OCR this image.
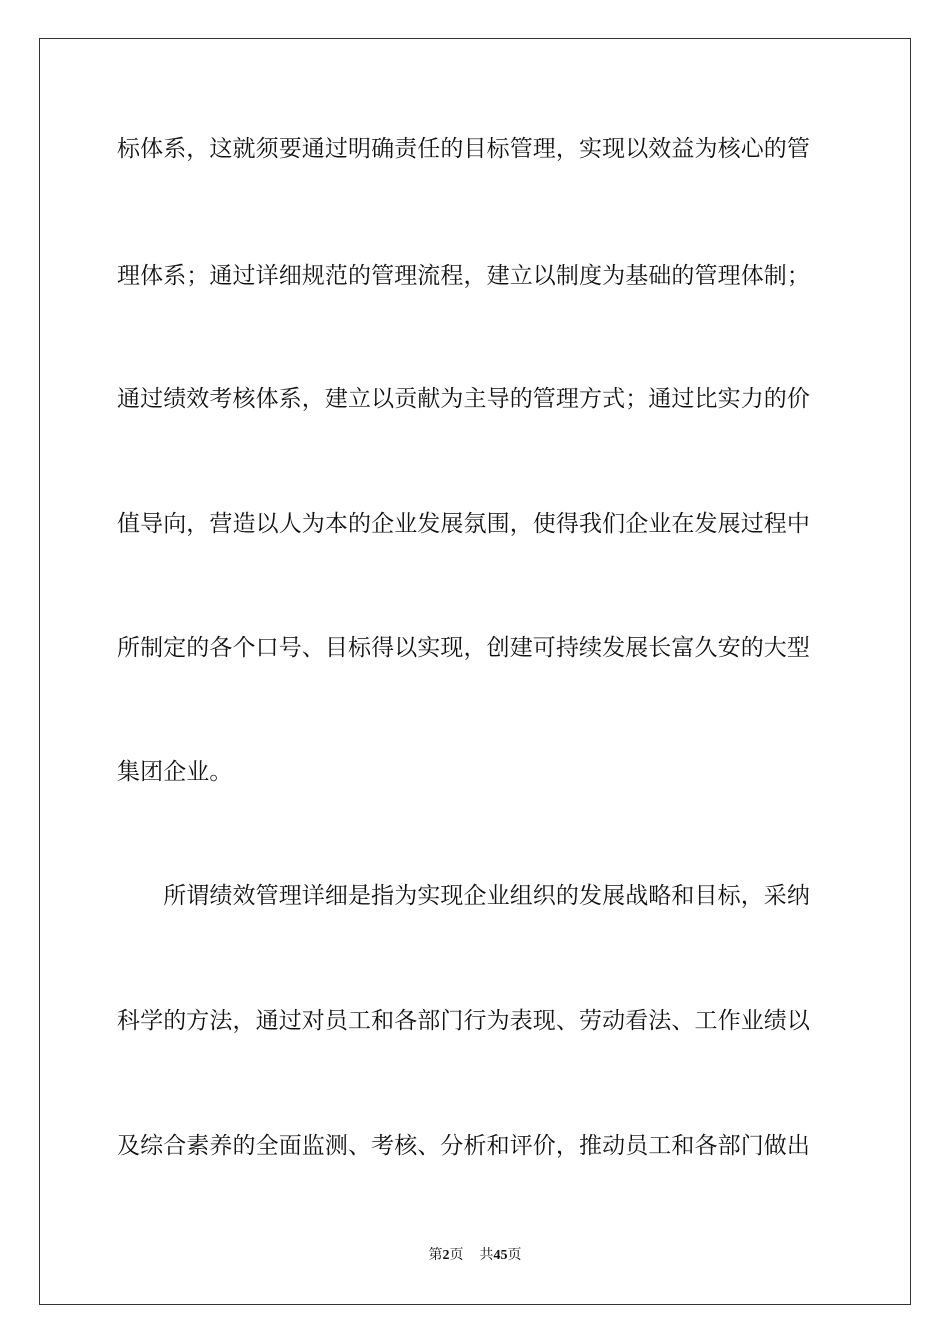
标体系，这就须要通过明确责任的目标管理，实现以效益为核心的管
理体系；通过详细规范的管理流程，建立以制度为基础的管理体制；
通过绩效考核体系，建立以贡献为主导的管理方式；通过比实力的价
值导向，营造以人为本的企业发展氛围，使得我们企业在发展过程中
所制定的各个口号、目标得以实现，创建可持续发展长富久安的大型
集团企业。
　　所谓绩效管理详细是指为实现企业组织的发展战略和目标，采纳
科学的方法，通过对员工和各部门行为表现、劳动看法、工作业绩以
及综合素养的全面监测、考核、分析和评价，推动员工和各部门做出
第2页 共45页
